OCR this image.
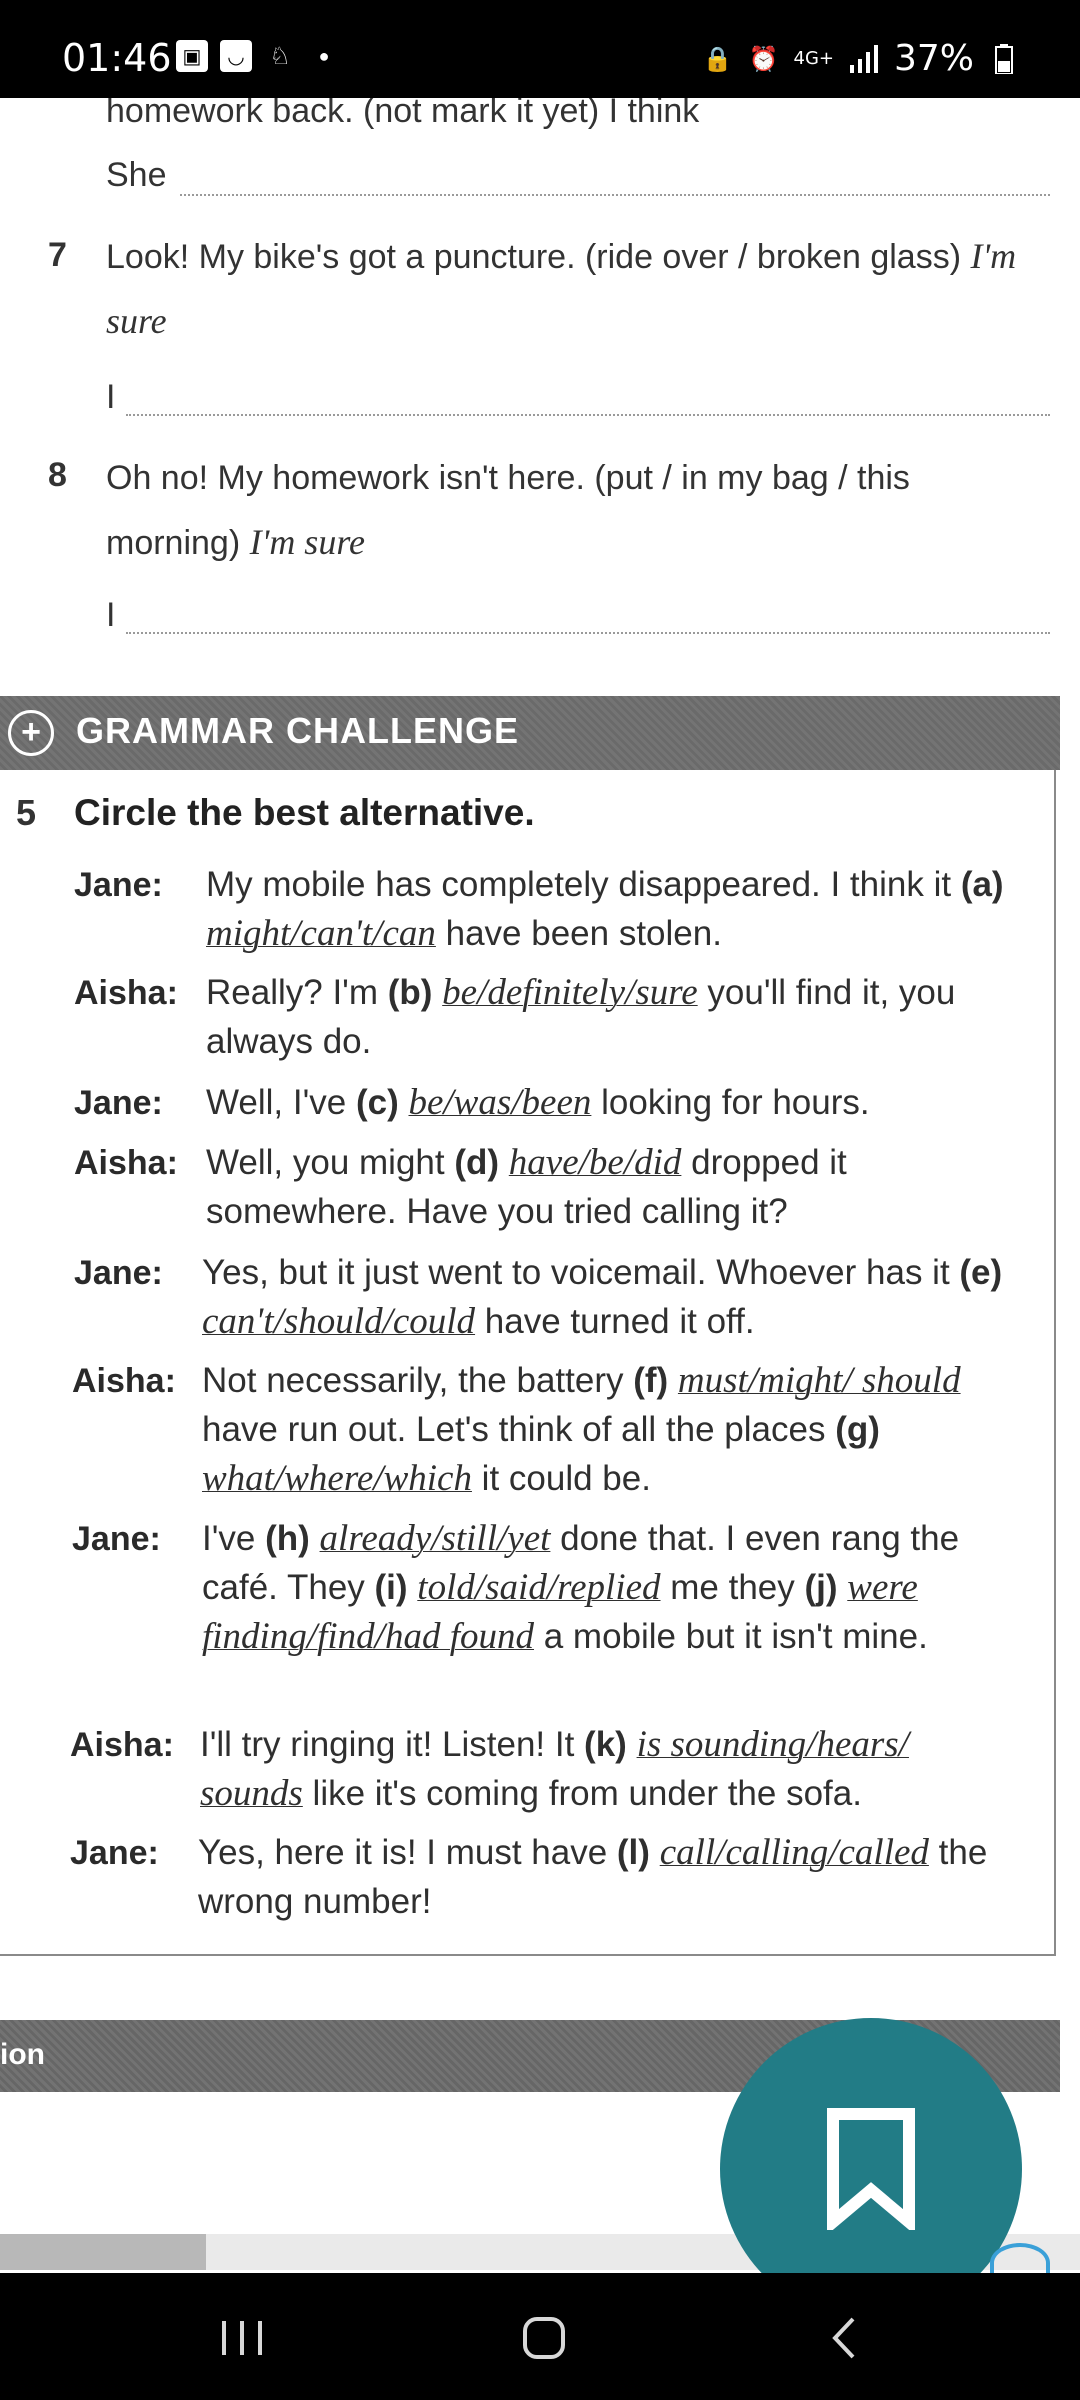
01:46 ▣	◡	♘	●	🔒 ⏰ 4G+ 37%
homework back. (not mark it yet) I think
She
7 Look! My bike's got a puncture. (ride over / broken glass) I'm sure
I
8 Oh no! My homework isn't here. (put / in my bag / this morning) I'm sure
I
+ GRAMMAR CHALLENGE
5 Circle the best alternative.
Jane: My mobile has completely disappeared. I think it (a) might/can't/can have been stolen.
Aisha: Really? I'm (b) be/definitely/sure you'll find it, you always do.
Jane: Well, I've (c) be/was/been looking for hours.
Aisha: Well, you might (d) have/be/did dropped it somewhere. Have you tried calling it?
Jane: Yes, but it just went to voicemail. Whoever has it (e) can't/should/could have turned it off.
Aisha: Not necessarily, the battery (f) must/might/ should have run out. Let's think of all the places (g) what/where/which it could be.
Jane: I've (h) already/still/yet done that. I even rang the café. They (i) told/said/replied me they (j) were finding/find/had found a mobile but it isn't mine.
Aisha: I'll try ringing it! Listen! It (k) is sounding/hears/ sounds like it's coming from under the sofa.
Jane: Yes, here it is! I must have (l) call/calling/called the wrong number!
ion
